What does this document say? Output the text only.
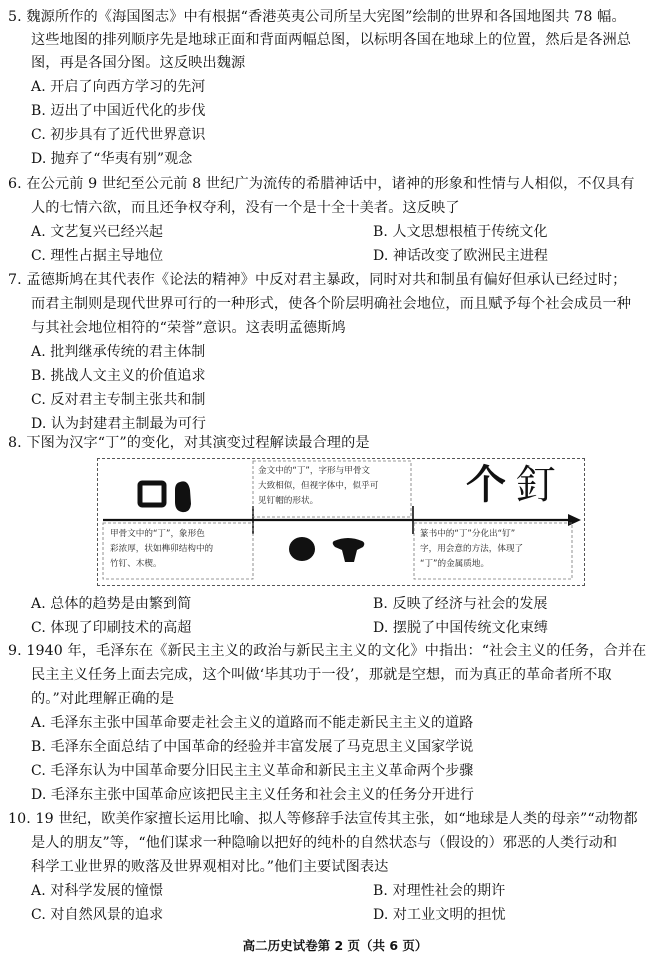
5. 魏源所作的《海国图志》中有根据“香港英夷公司所呈大宪图”绘制的世界和各国地图共 78 幅。
这些地图的排列顺序先是地球正面和背面两幅总图，以标明各国在地球上的位置，然后是各洲总
图，再是各国分图。这反映出魏源
A. 开启了向西方学习的先河
B. 迈出了中国近代化的步伐
C. 初步具有了近代世界意识
D. 抛弃了“华夷有别”观念
6. 在公元前 9 世纪至公元前 8 世纪广为流传的希腊神话中，诸神的形象和性情与人相似，不仅具有
人的七情六欲，而且还争权夺利，没有一个是十全十美者。这反映了
A. 文艺复兴已经兴起	B. 人文思想根植于传统文化
C. 理性占据主导地位	D. 神话改变了欧洲民主进程
7. 孟德斯鸠在其代表作《论法的精神》中反对君主暴政，同时对共和制虽有偏好但承认已经过时；
而君主制则是现代世界可行的一种形式，使各个阶层明确社会地位，而且赋予每个社会成员一种
与其社会地位相符的“荣誉”意识。这表明孟德斯鸠
A. 批判继承传统的君主体制
B. 挑战人文主义的价值追求
C. 反对君主专制主张共和制
D. 认为封建君主制最为可行
8. 下图为汉字“丁”的变化，对其演变过程解读最合理的是
金文中的“丁”，字形与甲骨文
大致相似，但视字体中，似乎可
见钉帽的形状。
甲骨文中的“丁”，象形色
彩浓厚，状如榫卯结构中的
竹钉、木楔。
篆书中的“丁”分化出“钉”
字，用会意的方法，体现了
“丁”的金属质地。
个 釘
A. 总体的趋势是由繁到简	B. 反映了经济与社会的发展
C. 体现了印刷技术的高超	D. 摆脱了中国传统文化束缚
9. 1940 年，毛泽东在《新民主主义的政治与新民主主义的文化》中指出：“社会主义的任务，合并在
民主主义任务上面去完成，这个叫做‘毕其功于一役’，那就是空想，而为真正的革命者所不取
的。”对此理解正确的是
A. 毛泽东主张中国革命要走社会主义的道路而不能走新民主主义的道路
B. 毛泽东全面总结了中国革命的经验并丰富发展了马克思主义国家学说
C. 毛泽东认为中国革命要分旧民主主义革命和新民主主义革命两个步骤
D. 毛泽东主张中国革命应该把民主主义任务和社会主义的任务分开进行
10. 19 世纪，欧美作家擅长运用比喻、拟人等修辞手法宣传其主张，如“地球是人类的母亲”“动物都
是人的朋友”等，“他们谋求一种隐喻以把好的纯朴的自然状态与（假设的）邪恶的人类行动和
科学工业世界的败落及世界观相对比。”他们主要试图表达
A. 对科学发展的憧憬	B. 对理性社会的期许
C. 对自然风景的追求	D. 对工业文明的担忧
高二历史试卷第 2 页（共 6 页）
